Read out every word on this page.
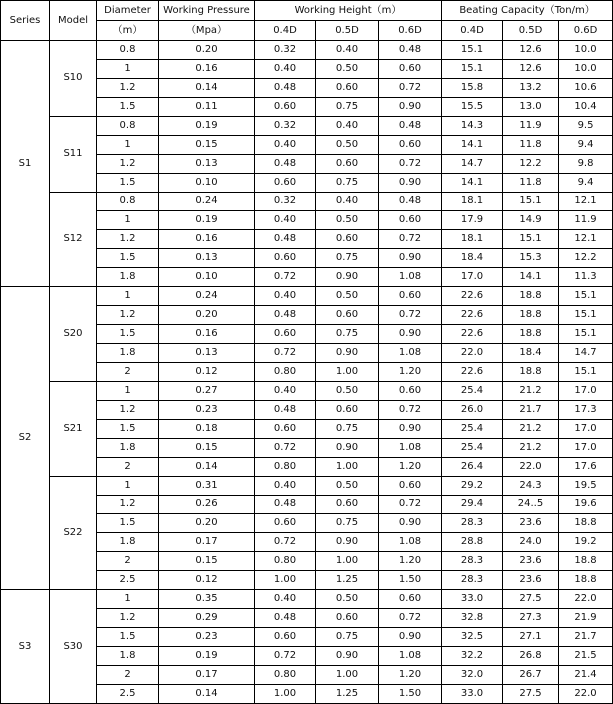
Series	Model	Diameter	Working Pressure	Working Height（m）			Beating Capacity（Ton/m）		
		（m）	（Mpa）	0.4D	0.5D	0.6D	0.4D	0.5D	0.6D
S1	S10	0.8	0.20	0.32	0.40	0.48	15.1	12.6	10.0
		1	0.16	0.40	0.50	0.60	15.1	12.6	10.0
		1.2	0.14	0.48	0.60	0.72	15.8	13.2	10.6
		1.5	0.11	0.60	0.75	0.90	15.5	13.0	10.4
	S11	0.8	0.19	0.32	0.40	0.48	14.3	11.9	9.5
		1	0.15	0.40	0.50	0.60	14.1	11.8	9.4
		1.2	0.13	0.48	0.60	0.72	14.7	12.2	9.8
		1.5	0.10	0.60	0.75	0.90	14.1	11.8	9.4
	S12	0.8	0.24	0.32	0.40	0.48	18.1	15.1	12.1
		1	0.19	0.40	0.50	0.60	17.9	14.9	11.9
		1.2	0.16	0.48	0.60	0.72	18.1	15.1	12.1
		1.5	0.13	0.60	0.75	0.90	18.4	15.3	12.2
		1.8	0.10	0.72	0.90	1.08	17.0	14.1	11.3
S2	S20	1	0.24	0.40	0.50	0.60	22.6	18.8	15.1
		1.2	0.20	0.48	0.60	0.72	22.6	18.8	15.1
		1.5	0.16	0.60	0.75	0.90	22.6	18.8	15.1
		1.8	0.13	0.72	0.90	1.08	22.0	18.4	14.7
		2	0.12	0.80	1.00	1.20	22.6	18.8	15.1
	S21	1	0.27	0.40	0.50	0.60	25.4	21.2	17.0
		1.2	0.23	0.48	0.60	0.72	26.0	21.7	17.3
		1.5	0.18	0.60	0.75	0.90	25.4	21.2	17.0
		1.8	0.15	0.72	0.90	1.08	25.4	21.2	17.0
		2	0.14	0.80	1.00	1.20	26.4	22.0	17.6
	S22	1	0.31	0.40	0.50	0.60	29.2	24.3	19.5
		1.2	0.26	0.48	0.60	0.72	29.4	24..5	19.6
		1.5	0.20	0.60	0.75	0.90	28.3	23.6	18.8
		1.8	0.17	0.72	0.90	1.08	28.8	24.0	19.2
		2	0.15	0.80	1.00	1.20	28.3	23.6	18.8
		2.5	0.12	1.00	1.25	1.50	28.3	23.6	18.8
S3	S30	1	0.35	0.40	0.50	0.60	33.0	27.5	22.0
		1.2	0.29	0.48	0.60	0.72	32.8	27.3	21.9
		1.5	0.23	0.60	0.75	0.90	32.5	27.1	21.7
		1.8	0.19	0.72	0.90	1.08	32.2	26.8	21.5
		2	0.17	0.80	1.00	1.20	32.0	26.7	21.4
		2.5	0.14	1.00	1.25	1.50	33.0	27.5	22.0
